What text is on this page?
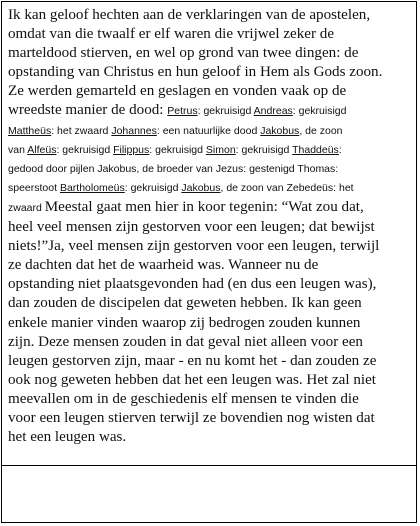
Ik kan geloof hechten aan de verklaringen van de apostelen,
omdat van die twaalf er elf waren die vrijwel zeker de
marteldood stierven, en wel op grond van twee dingen: de
opstanding van Christus en hun geloof in Hem als Gods zoon.
Ze werden gemarteld en geslagen en vonden vaak op de
wreedste manier de dood: Petrus: gekruisigd Andreas: gekruisigd
Mattheüs: het zwaard Johannes: een natuurlijke dood Jakobus, de zoon
van Alfeüs: gekruisigd Filippus: gekruisigd Simon: gekruisigd Thaddeüs:
gedood door pijlen Jakobus, de broeder van Jezus: gestenigd Thomas:
speerstoot Bartholomeüs: gekruisigd Jakobus, de zoon van Zebedeüs: het
zwaard Meestal gaat men hier in koor tegenin: “Wat zou dat,
heel veel mensen zijn gestorven voor een leugen; dat bewijst
niets!”Ja, veel mensen zijn gestorven voor een leugen, terwijl
ze dachten dat het de waarheid was. Wanneer nu de
opstanding niet plaatsgevonden had (en dus een leugen was),
dan zouden de discipelen dat geweten hebben. Ik kan geen
enkele manier vinden waarop zij bedrogen zouden kunnen
zijn. Deze mensen zouden in dat geval niet alleen voor een
leugen gestorven zijn, maar - en nu komt het - dan zouden ze
ook nog geweten hebben dat het een leugen was. Het zal niet
meevallen om in de geschiedenis elf mensen te vinden die
voor een leugen stierven terwijl ze bovendien nog wisten dat
het een leugen was.
